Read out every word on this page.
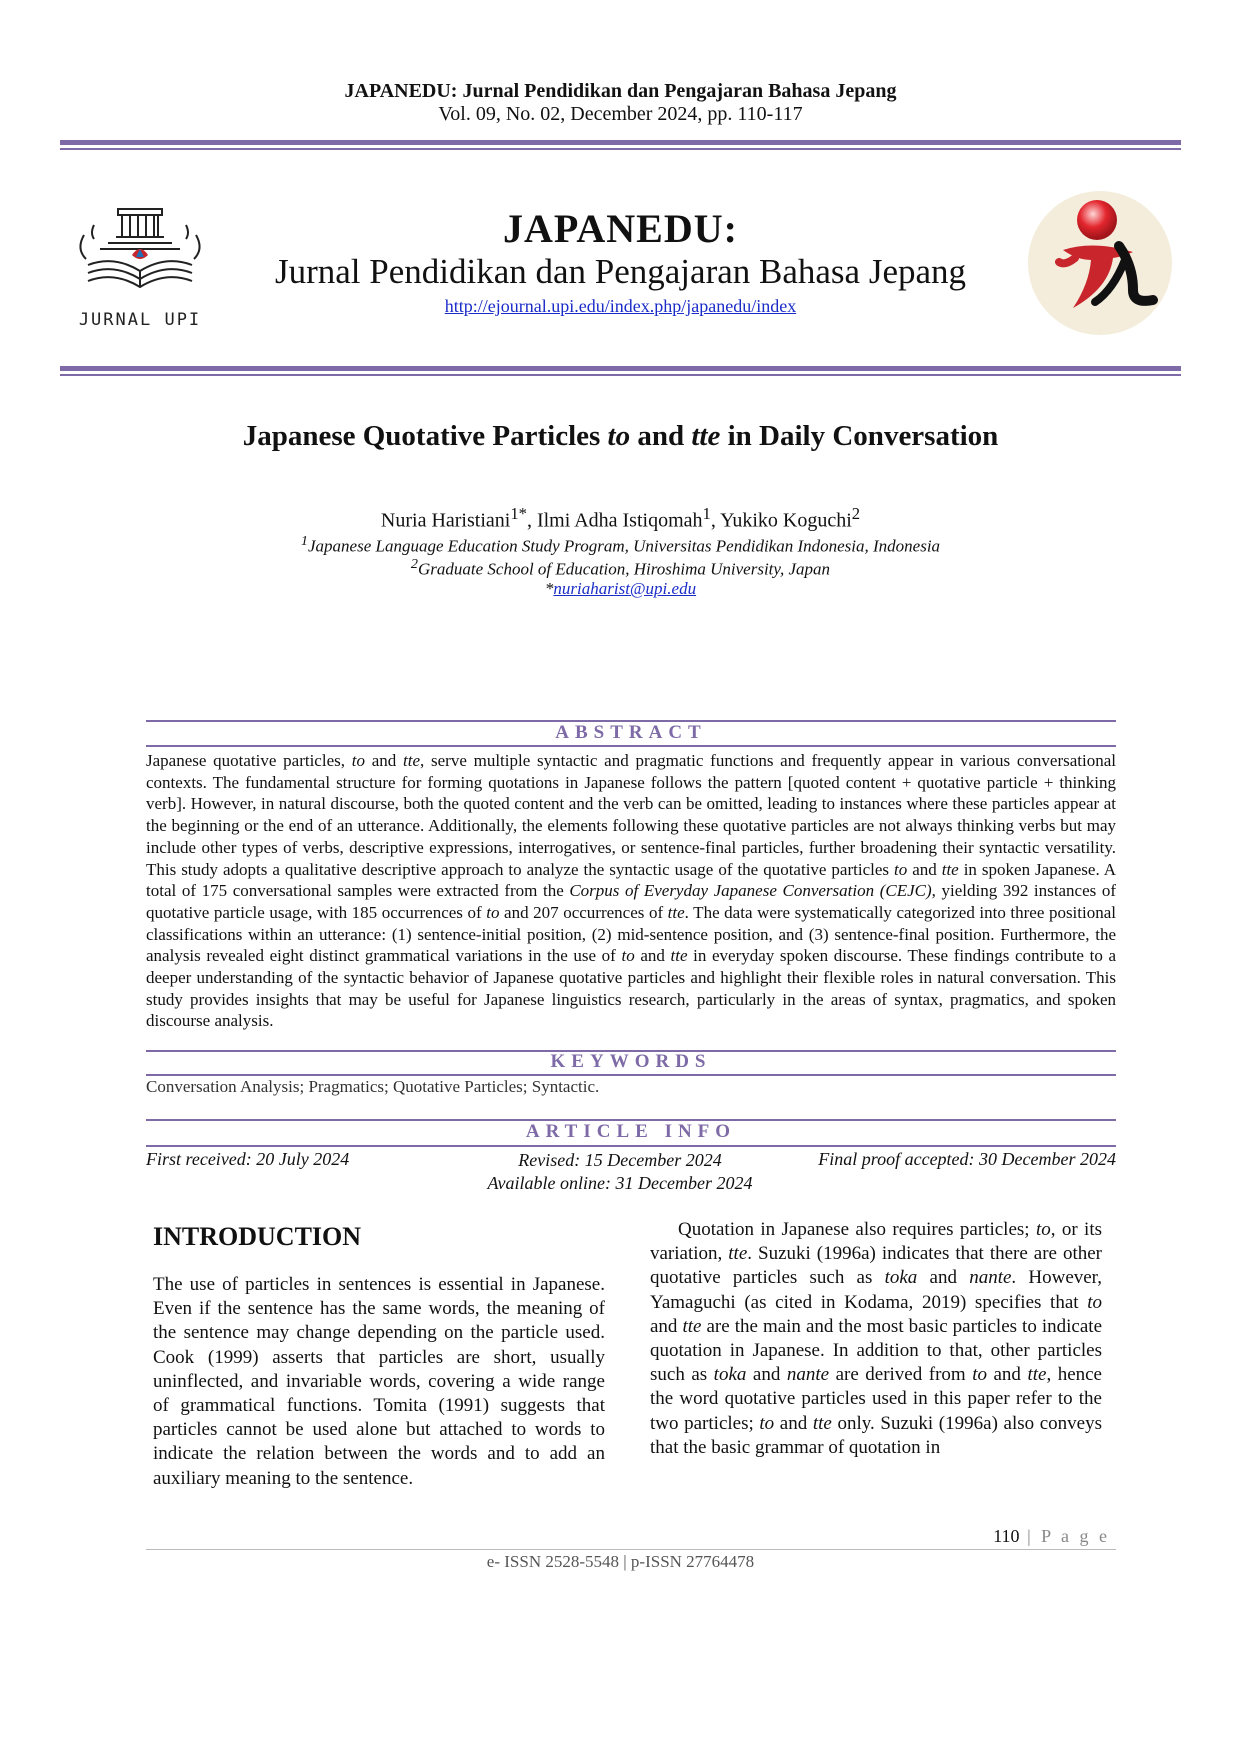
JAPANEDU: Jurnal Pendidikan dan Pengajaran Bahasa Jepang
Vol. 09, No. 02, December 2024, pp. 110-117
JURNAL UPI
JAPANEDU:
Jurnal Pendidikan dan Pengajaran Bahasa Jepang
http://ejournal.upi.edu/index.php/japanedu/index
Japanese Quotative Particles to and tte in Daily Conversation
Nuria Haristiani$^{1*}$, Ilmi Adha Istiqomah$^1$, Yukiko Koguchi$^2$
$^1$Japanese Language Education Study Program, Universitas Pendidikan Indonesia, Indonesia
$^2$Graduate School of Education, Hiroshima University, Japan
*nuriaharist@upi.edu
ABSTRACT
Japanese quotative particles, to and tte, serve multiple syntactic and pragmatic functions and frequently appear in various conversational contexts. The fundamental structure for forming quotations in Japanese follows the pattern [quoted content + quotative particle + thinking verb]. However, in natural discourse, both the quoted content and the verb can be omitted, leading to instances where these particles appear at the beginning or the end of an utterance. Additionally, the elements following these quotative particles are not always thinking verbs but may include other types of verbs, descriptive expressions, interrogatives, or sentence-final particles, further broadening their syntactic versatility. This study adopts a qualitative descriptive approach to analyze the syntactic usage of the quotative particles to and tte in spoken Japanese. A total of 175 conversational samples were extracted from the Corpus of Everyday Japanese Conversation (CEJC), yielding 392 instances of quotative particle usage, with 185 occurrences of to and 207 occurrences of tte. The data were systematically categorized into three positional classifications within an utterance: (1) sentence-initial position, (2) mid-sentence position, and (3) sentence-final position. Furthermore, the analysis revealed eight distinct grammatical variations in the use of to and tte in everyday spoken discourse. These findings contribute to a deeper understanding of the syntactic behavior of Japanese quotative particles and highlight their flexible roles in natural conversation. This study provides insights that may be useful for Japanese linguistics research, particularly in the areas of syntax, pragmatics, and spoken discourse analysis.
KEYWORDS
Conversation Analysis; Pragmatics; Quotative Particles; Syntactic.
ARTICLE INFO
First received: 20 July 2024	Revised: 15 December 2024
Available online: 31 December 2024
Final proof accepted: 30 December 2024
INTRODUCTION
The use of particles in sentences is essential in Japanese. Even if the sentence has the same words, the meaning of the sentence may change depending on the particle used. Cook (1999) asserts that particles are short, usually uninflected, and invariable words, covering a wide range of grammatical functions. Tomita (1991) suggests that particles cannot be used alone but attached to words to indicate the relation between the words and to add an auxiliary meaning to the sentence.
Quotation in Japanese also requires particles; to, or its variation, tte. Suzuki (1996a) indicates that there are other quotative particles such as toka and nante. However, Yamaguchi (as cited in Kodama, 2019) specifies that to and tte are the main and the most basic particles to indicate quotation in Japanese. In addition to that, other particles such as toka and nante are derived from to and tte, hence the word quotative particles used in this paper refer to the two particles; to and tte only. Suzuki (1996a) also conveys that the basic grammar of quotation in
110 | P a g e
e- ISSN 2528-5548 | p-ISSN 27764478
